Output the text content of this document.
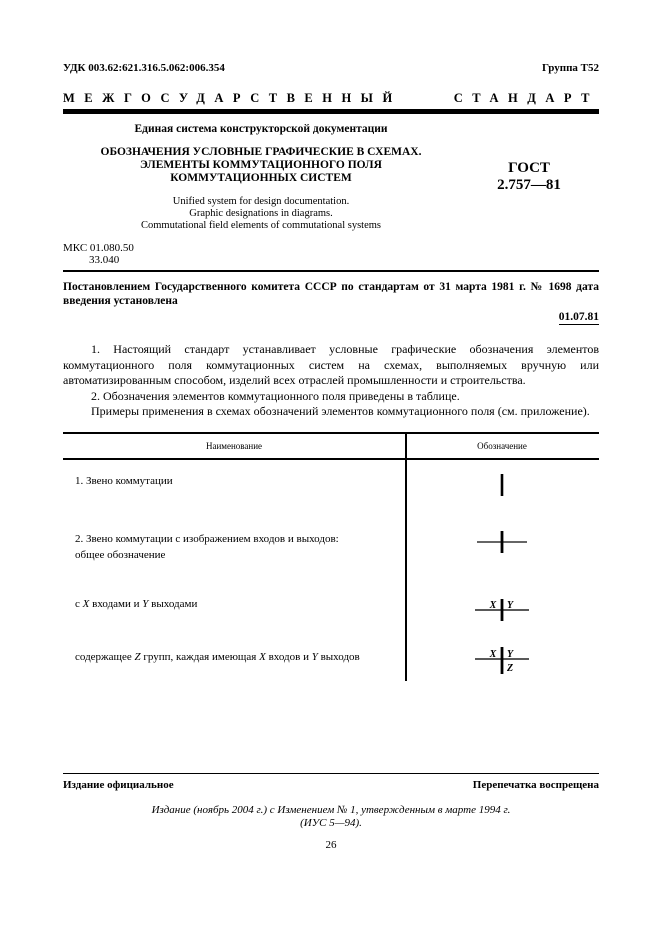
УДК 003.62:621.316.5.062:006.354	Группа Т52
МЕЖГОСУДАРСТВЕННЫЙ	СТАНДАРТ
Единая система конструкторской документации
ОБОЗНАЧЕНИЯ УСЛОВНЫЕ ГРАФИЧЕСКИЕ В СХЕМАХ.
ЭЛЕМЕНТЫ КОММУТАЦИОННОГО ПОЛЯ
КОММУТАЦИОННЫХ СИСТЕМ
Unified system for design documentation.
Graphic designations in diagrams.
Commutational field elements of commutational systems
ГОСТ
2.757—81
МКС 01.080.50
33.040
Постановлением Государственного комитета СССР по стандартам от 31 марта 1981 г. № 1698 дата введения установлена
01.07.81

1. Настоящий стандарт устанавливает условные графические обозначения элементов коммутационного поля коммутационных систем на схемах, выполняемых вручную или автоматизированным способом, изделий всех отраслей промышленности и строительства.

2. Обозначения элементов коммутационного поля приведены в таблице.

Примеры применения в схемах обозначений элементов коммутационного поля (см. приложение).

Наименование	Обозначение
1. Звено коммутации
2. Звено коммутации с изображением входов и выходов:
общее обозначение
с X входами и Y выходами	X Y
содержащее Z групп, каждая имеющая X входов и Y выходов	X Y
Z
Издание официальное	Перепечатка воспрещена
Издание (ноябрь 2004 г.) с Изменением № 1, утвержденным в марте 1994 г.
(ИУС 5—94).
26
